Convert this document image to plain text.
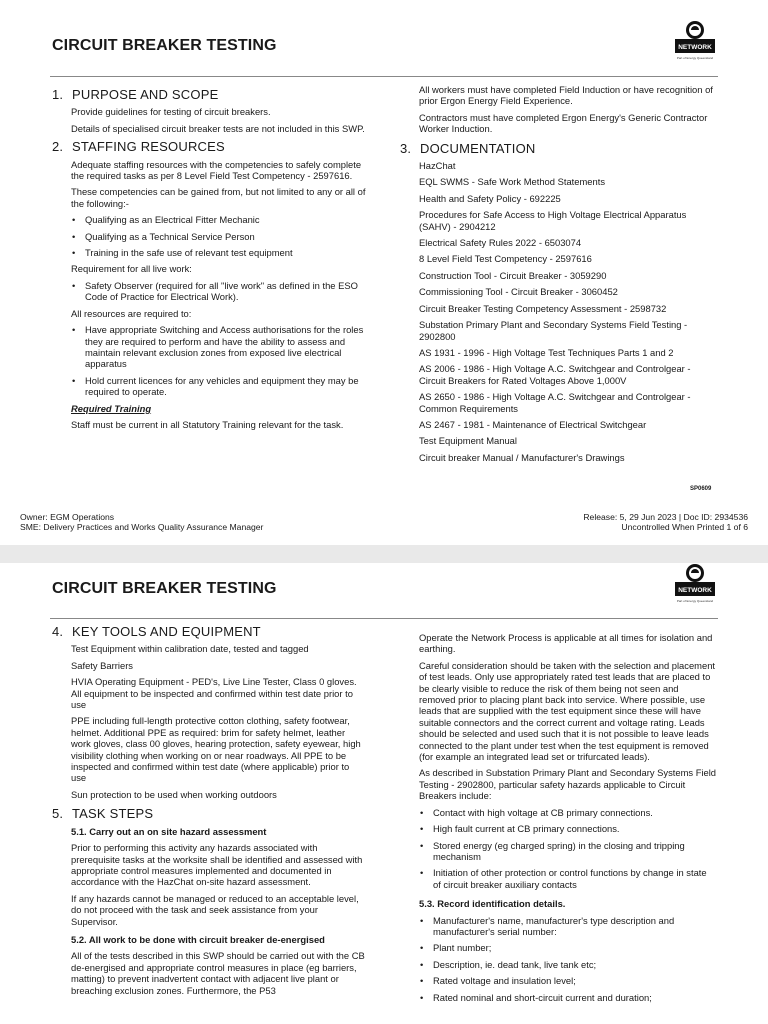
CIRCUIT BREAKER TESTING	NETWORK
Part of Energy Queensland
1. PURPOSE AND SCOPE

Provide guidelines for testing of circuit breakers.

Details of specialised circuit breaker tests are not included in this SWP.

2. STAFFING RESOURCES

Adequate staffing resources with the competencies to safely complete the required tasks as per 8 Level Field Test Competency - 2597616.

These competencies can be gained from, but not limited to any or all of the following:-

• Qualifying as an Electrical Fitter Mechanic
• Qualifying as a Technical Service Person
• Training in the safe use of relevant test equipment

Requirement for all live work:

• Safety Observer (required for all "live work" as defined in the ESO Code of Practice for Electrical Work).

All resources are required to:

• Have appropriate Switching and Access authorisations for the roles they are required to perform and have the ability to assess and maintain relevant exclusion zones from exposed live electrical apparatus
• Hold current licences for any vehicles and equipment they may be required to operate.

Required Training

Staff must be current in all Statutory Training relevant for the task.

All workers must have completed Field Induction or have recognition of prior Ergon Energy Field Experience.

Contractors must have completed Ergon Energy's Generic Contractor Worker Induction.

3. DOCUMENTATION

HazChat

EQL SWMS - Safe Work Method Statements

Health and Safety Policy - 692225

Procedures for Safe Access to High Voltage Electrical Apparatus (SAHV) - 2904212

Electrical Safety Rules 2022 - 6503074

8 Level Field Test Competency - 2597616

Construction Tool - Circuit Breaker - 3059290

Commissioning Tool - Circuit Breaker - 3060452

Circuit Breaker Testing Competency Assessment - 2598732

Substation Primary Plant and Secondary Systems Field Testing - 2902800

AS 1931 - 1996 - High Voltage Test Techniques Parts 1 and 2

AS 2006 - 1986 - High Voltage A.C. Switchgear and Controlgear - Circuit Breakers for Rated Voltages Above 1,000V

AS 2650 - 1986 - High Voltage A.C. Switchgear and Controlgear - Common Requirements

AS 2467 - 1981 - Maintenance of Electrical Switchgear

Test Equipment Manual

Circuit breaker Manual / Manufacturer's Drawings

SP0609
Owner: EGM Operations
SME: Delivery Practices and Works Quality Assurance Manager
Release: 5, 29 Jun 2023 | Doc ID: 2934536
Uncontrolled When Printed 1 of 6
CIRCUIT BREAKER TESTING	NETWORK
Part of Energy Queensland
4. KEY TOOLS AND EQUIPMENT

Test Equipment within calibration date, tested and tagged

Safety Barriers

HVIA Operating Equipment - PED's, Live Line Tester, Class 0 gloves. All equipment to be inspected and confirmed within test date prior to use

PPE including full-length protective cotton clothing, safety footwear, helmet. Additional PPE as required: brim for safety helmet, leather work gloves, class 00 gloves, hearing protection, safety eyewear, high visibility clothing when working on or near roadways. All PPE to be inspected and confirmed within test date (where applicable) prior to use

Sun protection to be used when working outdoors

5. TASK STEPS

5.1. Carry out an on site hazard assessment

Prior to performing this activity any hazards associated with prerequisite tasks at the worksite shall be identified and assessed with appropriate control measures implemented and documented in accordance with the HazChat on-site hazard assessment.

If any hazards cannot be managed or reduced to an acceptable level, do not proceed with the task and seek assistance from your Supervisor.

5.2. All work to be done with circuit breaker de-energised

All of the tests described in this SWP should be carried out with the CB de-energised and appropriate control measures in place (eg barriers, matting) to prevent inadvertent contact with adjacent live plant or breaching exclusion zones. Furthermore, the P53

Operate the Network Process is applicable at all times for isolation and earthing.

Careful consideration should be taken with the selection and placement of test leads. Only use appropriately rated test leads that are placed to be clearly visible to reduce the risk of them being not seen and removed prior to placing plant back into service. Where possible, use leads that are supplied with the test equipment since these will have suitable connectors and the correct current and voltage rating. Leads should be selected and used such that it is not possible to leave leads connected to the plant under test when the test equipment is removed (for example an integrated lead set or trifurcated leads).

As described in Substation Primary Plant and Secondary Systems Field Testing - 2902800, particular safety hazards applicable to Circuit Breakers include:

• Contact with high voltage at CB primary connections.
• High fault current at CB primary connections.
• Stored energy (eg charged spring) in the closing and tripping mechanism
• Initiation of other protection or control functions by change in state of circuit breaker auxiliary contacts

5.3. Record identification details.

• Manufacturer's name, manufacturer's type description and manufacturer's serial number:
• Plant number;
• Description, ie. dead tank, live tank etc;
• Rated voltage and insulation level;
• Rated nominal and short-circuit current and duration;
